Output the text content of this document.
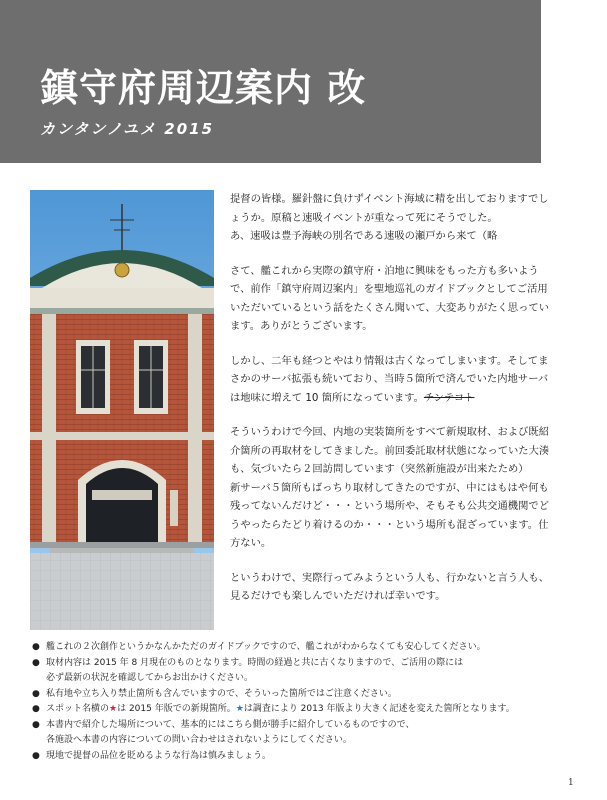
鎮守府周辺案内 改
カンタンノユメ 2015

提督の皆様。羅針盤に負けずイベント海域に精を出しておりますでしょうか。原稿と速吸イベントが重なって死にそうでした。
あ、速吸は豊予海峡の別名である速吸の瀬戸から来て（略

さて、艦これから実際の鎮守府・泊地に興味をもった方も多いようで、前作「鎮守府周辺案内」を聖地巡礼のガイドブックとしてご活用いただいているという話をたくさん聞いて、大変ありがたく思っています。ありがとうございます。

しかし、二年も経つとやはり情報は古くなってしまいます。そしてまさかのサーバ拡張も続いており、当時５箇所で済んでいた内地サーバは地味に増えて 10 箇所になっています。チンテコト

そういうわけで今回、内地の実装箇所をすべて新規取材、および既紹介箇所の再取材をしてきました。前回委託取材状態になっていた大湊も、気づいたら２回訪問しています（突然新施設が出来たため）
新サーバ５箇所もばっちり取材してきたのですが、中にはもはや何も残ってないんだけど・・・という場所や、そもそも公共交通機関でどうやったらたどり着けるのか・・・という場所も混ざっています。仕方ない。

というわけで、実際行ってみようという人も、行かないと言う人も、見るだけでも楽しんでいただければ幸いです。

● 艦これの２次創作というかなんかただのガイドブックですので、艦これがわからなくても安心してください。
● 取材内容は 2015 年 8 月現在のものとなります。時間の経過と共に古くなりますので、ご活用の際には
必ず最新の状況を確認してからお出かけください。
● 私有地や立ち入り禁止箇所も含んでいますので、そういった箇所ではご注意ください。
● スポット名横の★は 2015 年版での新規箇所。★は調査により 2013 年版より大きく記述を変えた箇所となります。
● 本書内で紹介した場所について、基本的にはこちら側が勝手に紹介しているものですので、
各施設へ本書の内容についての問い合わせはされないようにしてください。
● 現地で提督の品位を貶めるような行為は慎みましょう。
1
